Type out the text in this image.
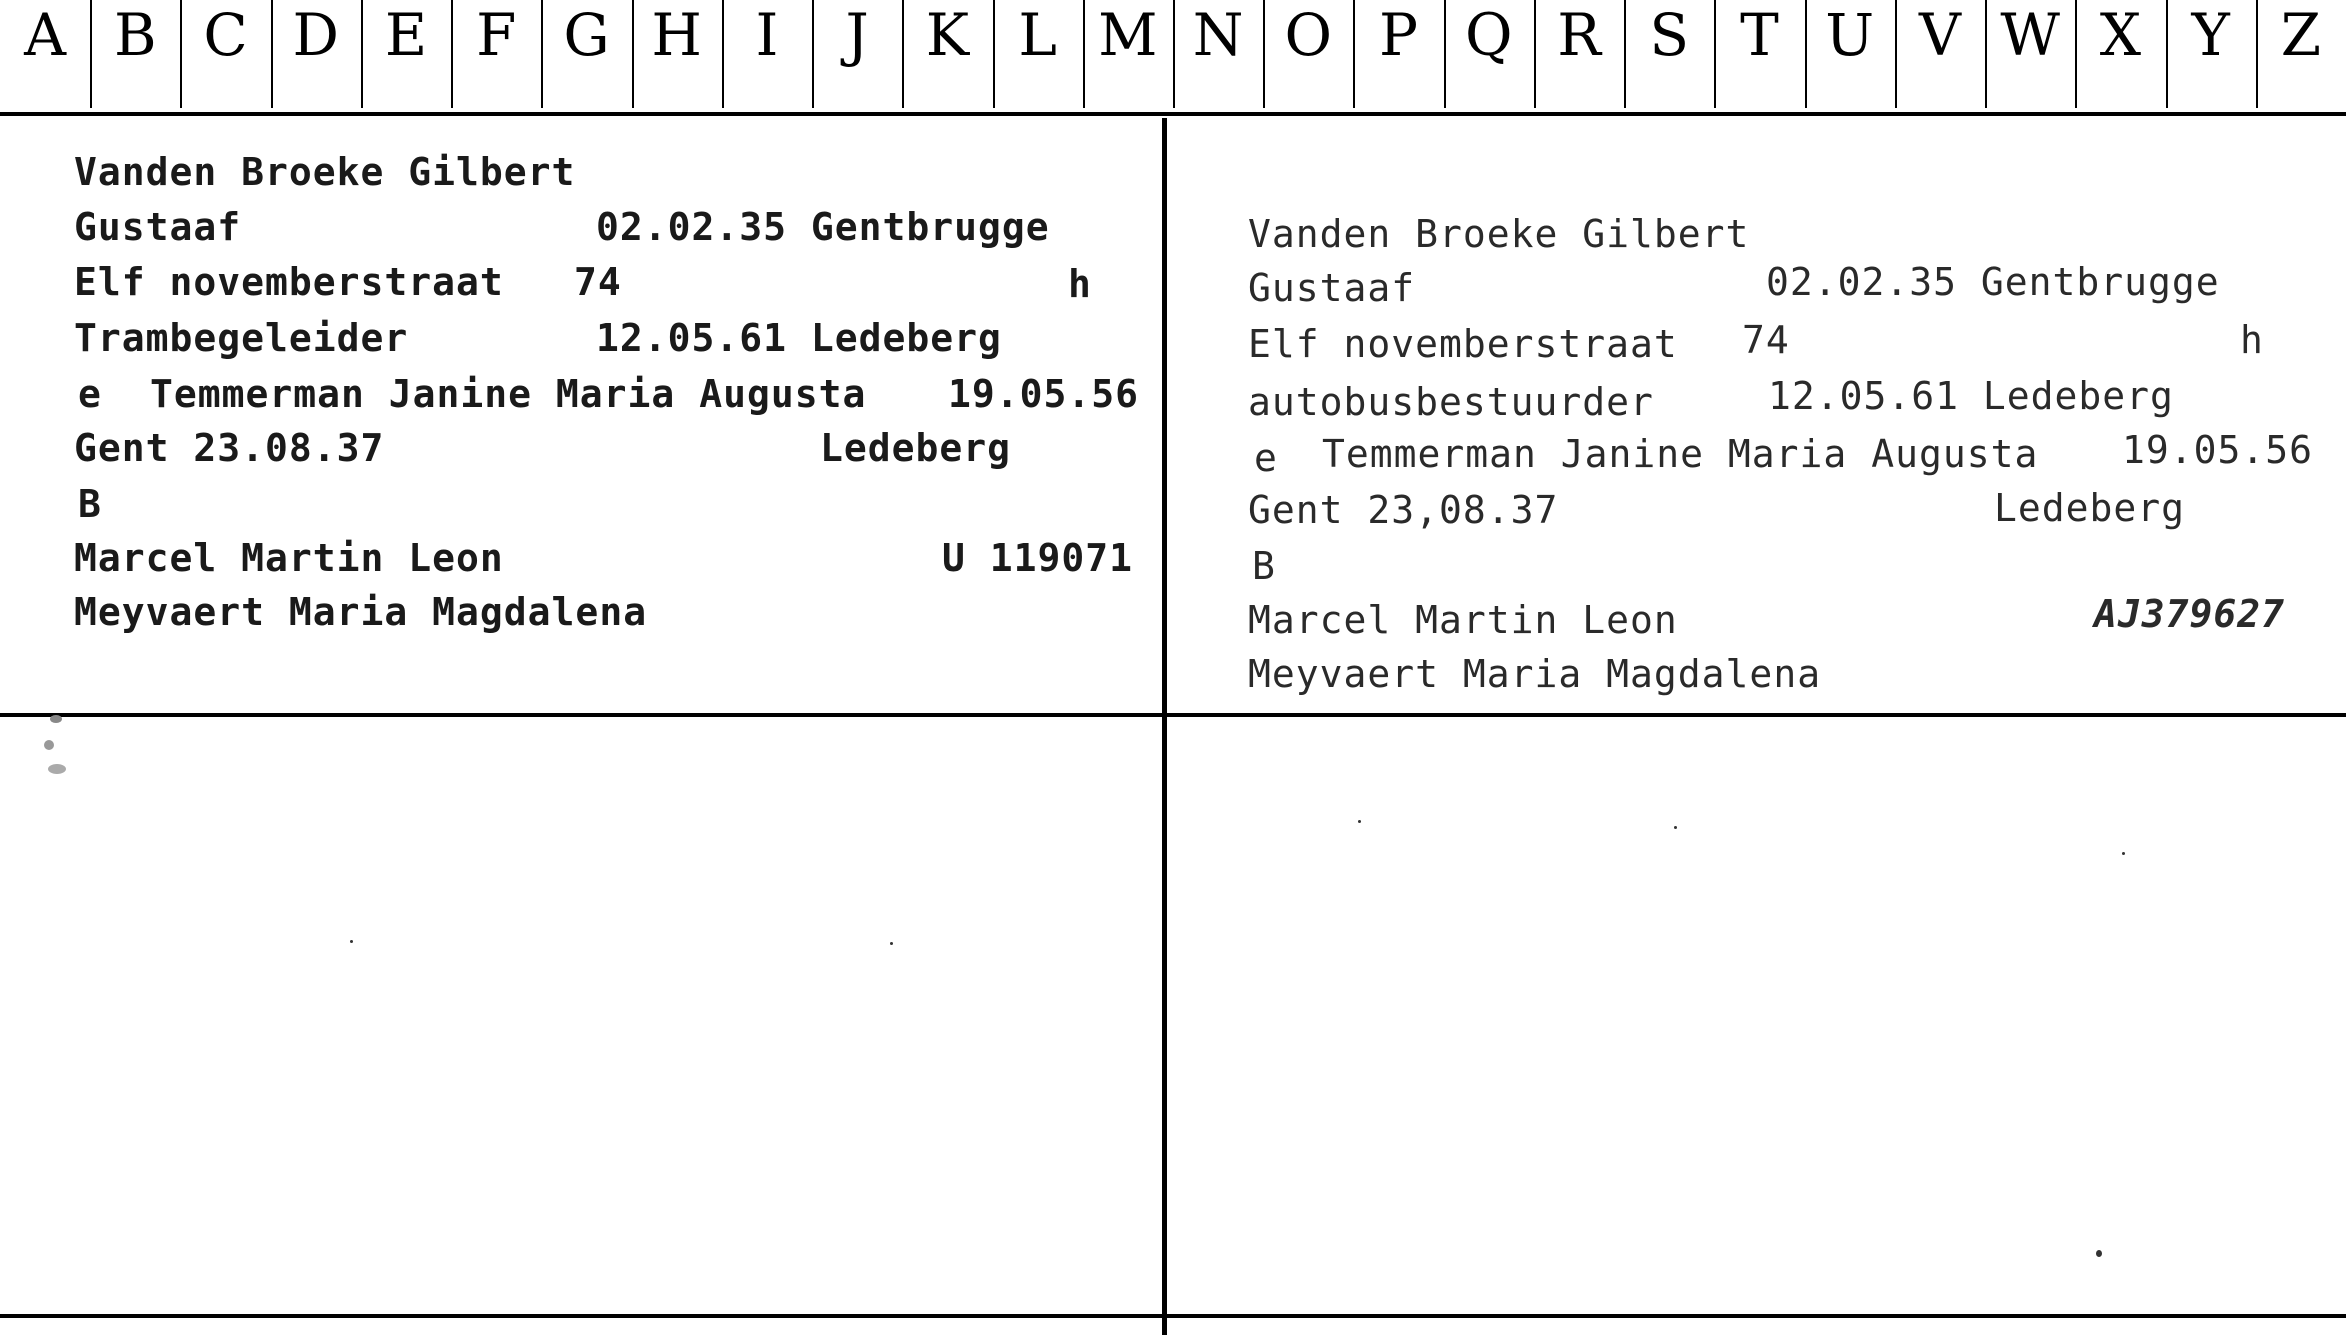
A B C D E F G H I	J K L M N O P Q R S T U V W X Y Z
Vanden Broeke Gilbert
Gustaaf	02.02.35 Gentbrugge
Elf novemberstraat 74	h
Trambegeleider	12.05.61 Ledeberg
e Temmerman Janine Maria Augusta 19.05.56
Gent 23.08.37	Ledeberg
B
Marcel Martin Leon	U 119071
Meyvaert Maria Magdalena
Vanden Broeke Gilbert
Gustaaf	02.02.35 Gentbrugge
Elf novemberstraat 74	h
autobusbestuurder	12.05.61 Ledeberg
e Temmerman Janine Maria Augusta 19.05.56
Gent 23,08.37	Ledeberg
B
Marcel Martin Leon	AJ379627
Meyvaert Maria Magdalena
